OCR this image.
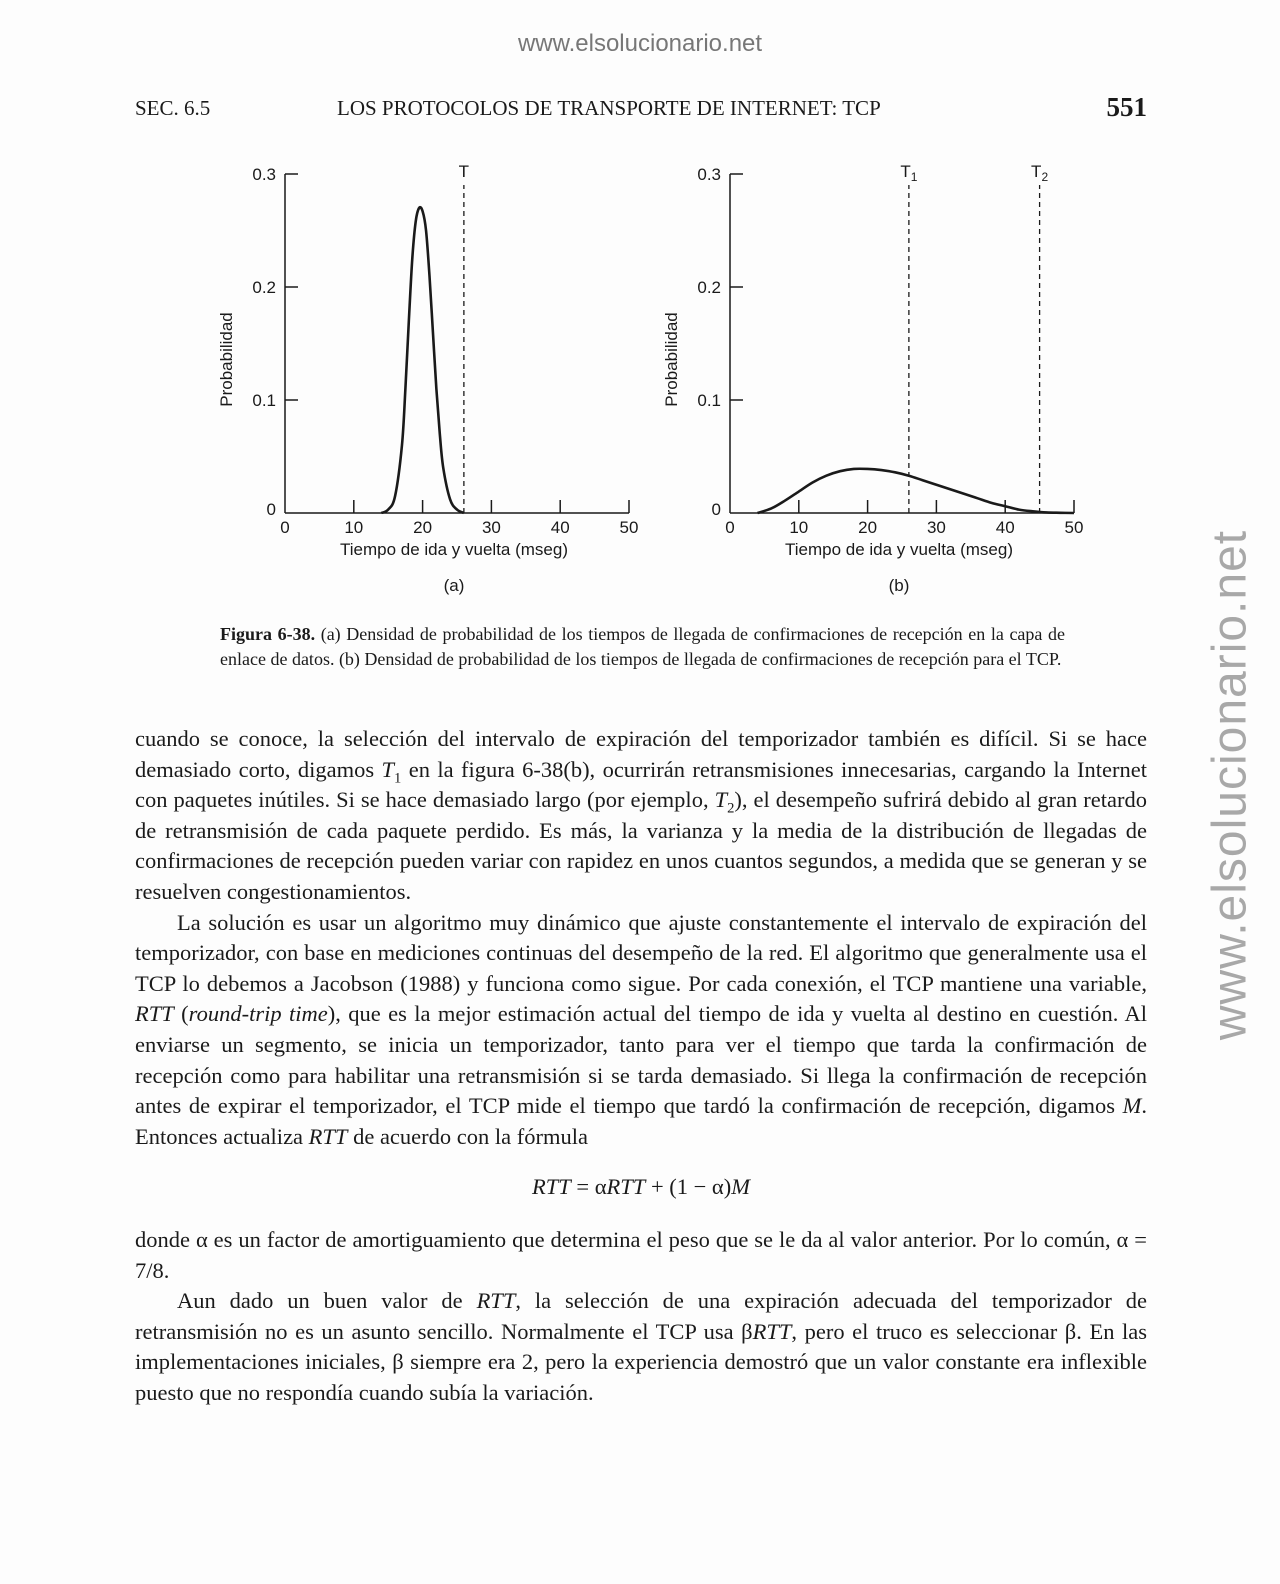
www.elsolucionario.net
www.elsolucionario.net
SEC. 6.5	LOS PROTOCOLOS DE TRANSPORTE DE INTERNET: TCP	551
0
0.1
0.2
0.3
0	10	20	30	40	50
Tiempo de ida y vuelta (mseg)
Probabilidad
(a)
T
0
0.1
0.2
0.3
0	10	20	30	40	50
Tiempo de ida y vuelta (mseg)
Probabilidad
(b)
$T_1$	$T_2$

Figura 6-38. (a) Densidad de probabilidad de los tiempos de llegada de confirmaciones de recepción en la capa de enlace de datos. (b) Densidad de probabilidad de los tiempos de llegada de confirmaciones de recepción para el TCP.

cuando se conoce, la selección del intervalo de expiración del temporizador también es difícil. Si se hace demasiado corto, digamos $T_1$ en la figura 6-38(b), ocurrirán retransmisiones innecesarias, cargando la Internet con paquetes inútiles. Si se hace demasiado largo (por ejemplo, $T_2$), el desempeño sufrirá debido al gran retardo de retransmisión de cada paquete perdido. Es más, la varianza y la media de la distribución de llegadas de confirmaciones de recepción pueden variar con rapidez en unos cuantos segundos, a medida que se generan y se resuelven congestionamientos.

La solución es usar un algoritmo muy dinámico que ajuste constantemente el intervalo de expiración del temporizador, con base en mediciones continuas del desempeño de la red. El algoritmo que generalmente usa el TCP lo debemos a Jacobson (1988) y funciona como sigue. Por cada conexión, el TCP mantiene una variable, RTT (round-trip time), que es la mejor estimación actual del tiempo de ida y vuelta al destino en cuestión. Al enviarse un segmento, se inicia un temporizador, tanto para ver el tiempo que tarda la confirmación de recepción como para habilitar una retransmisión si se tarda demasiado. Si llega la confirmación de recepción antes de expirar el temporizador, el TCP mide el tiempo que tardó la confirmación de recepción, digamos M. Entonces actualiza RTT de acuerdo con la fórmula

RTT = αRTT + (1 − α)M

donde α es un factor de amortiguamiento que determina el peso que se le da al valor anterior. Por lo común, α = 7/8.

Aun dado un buen valor de RTT, la selección de una expiración adecuada del temporizador de retransmisión no es un asunto sencillo. Normalmente el TCP usa βRTT, pero el truco es seleccionar β. En las implementaciones iniciales, β siempre era 2, pero la experiencia demostró que un valor constante era inflexible puesto que no respondía cuando subía la variación.
